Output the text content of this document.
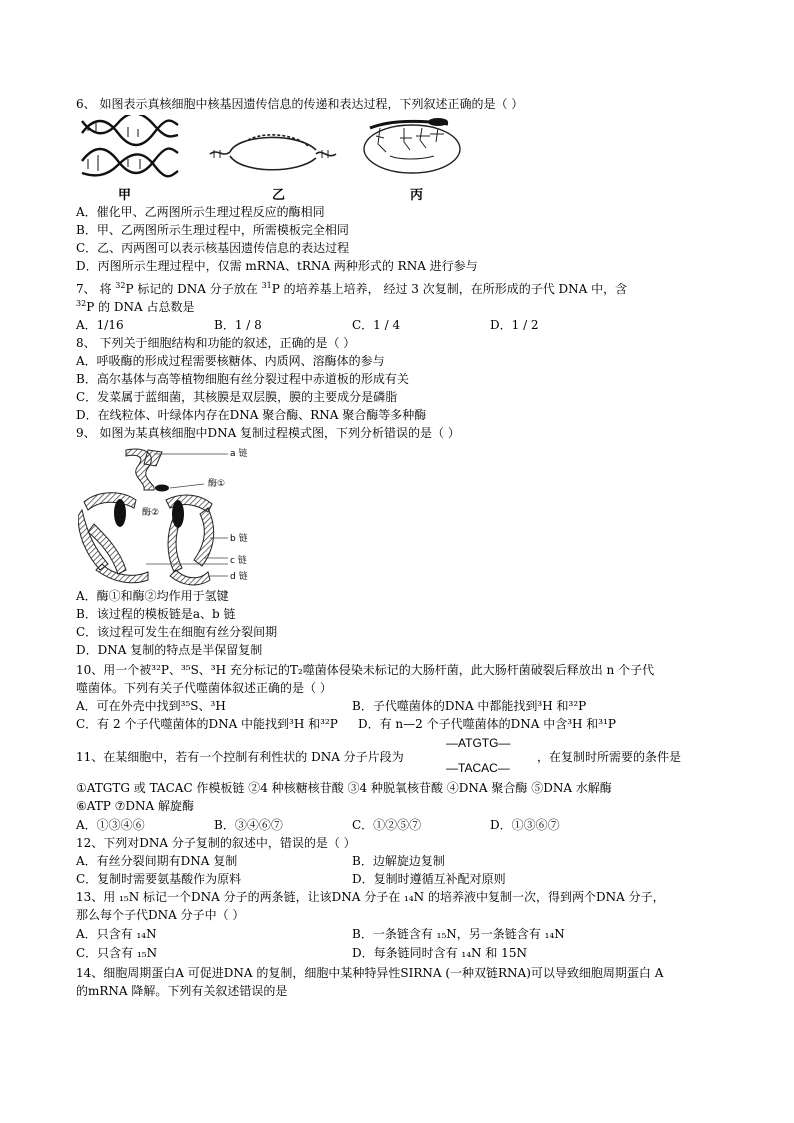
6、 如图表示真核细胞中核基因遗传信息的传递和表达过程，下列叙述正确的是（ ）
甲	乙	丙
A．催化甲、乙两图所示生理过程反应的酶相同
B．甲、乙两图所示生理过程中，所需模板完全相同
C．乙、丙两图可以表示核基因遗传信息的表达过程
D．丙图所示生理过程中，仅需 mRNA、tRNA 两种形式的 RNA 进行参与
7、 将 $^{32}$P 标记的 DNA 分子放在 $^{31}$P 的培养基上培养， 经过 3 次复制，在所形成的子代 DNA 中，含
$^{32}$P 的 DNA 占总数是
A．1/16	B．1 / 8	C．1 / 4	D．1 / 2
8、 下列关于细胞结构和功能的叙述，正确的是（ ）
A．呼吸酶的形成过程需要核糖体、内质网、溶酶体的参与
B．高尔基体与高等植物细胞有丝分裂过程中赤道板的形成有关
C．发菜属于蓝细菌，其核膜是双层膜，膜的主要成分是磷脂
D．在线粒体、叶绿体内存在DNA 聚合酶、RNA 聚合酶等多种酶
9、 如图为某真核细胞中DNA 复制过程模式图，下列分析错误的是（ ）
a 链
酶①
酶②
b 链
c 链
d 链
A．酶①和酶②均作用于氢键
B．该过程的模板链是a、b 链
C．该过程可发生在细胞有丝分裂间期
D．DNA 复制的特点是半保留复制
10、用一个被³²P、³⁵S、³H 充分标记的T₂噬菌体侵染未标记的大肠杆菌，此大肠杆菌破裂后释放出 n 个子代
噬菌体。下列有关子代噬菌体叙述正确的是（ ）
A．可在外壳中找到³⁵S、³H	B．子代噬菌体的DNA 中都能找到³H 和³²P
C．有 2 个子代噬菌体的DNA 中能找到³H 和³²P D．有 n—2 个子代噬菌体的DNA 中含³H 和³¹P
11、在某细胞中，若有一个控制有利性状的 DNA 分子片段为
—ATGTG—
—TACAC—
，在复制时所需要的条件是
①ATGTG 或 TACAC 作模板链 ②4 种核糖核苷酸 ③4 种脱氧核苷酸 ④DNA 聚合酶 ⑤DNA 水解酶
⑥ATP ⑦DNA 解旋酶
A．①③④⑥	B．③④⑥⑦	C．①②⑤⑦	D．①③⑥⑦
12、下列对DNA 分子复制的叙述中，错误的是（ ）
A．有丝分裂间期有DNA 复制	B．边解旋边复制
C．复制时需要氨基酸作为原料	D．复制时遵循互补配对原则
13、用 ₁₅N 标记一个DNA 分子的两条链，让该DNA 分子在 ₁₄N 的培养液中复制一次，得到两个DNA 分子，
那么每个子代DNA 分子中（ ）
A．只含有 ₁₄N	B．一条链含有 ₁₅N，另一条链含有 ₁₄N
C．只含有 ₁₅N	D．每条链同时含有 ₁₄N 和 15N
14、细胞周期蛋白A 可促进DNA 的复制，细胞中某种特异性SIRNA (一种双链RNA)可以导致细胞周期蛋白 A
的mRNA 降解。下列有关叙述错误的是
